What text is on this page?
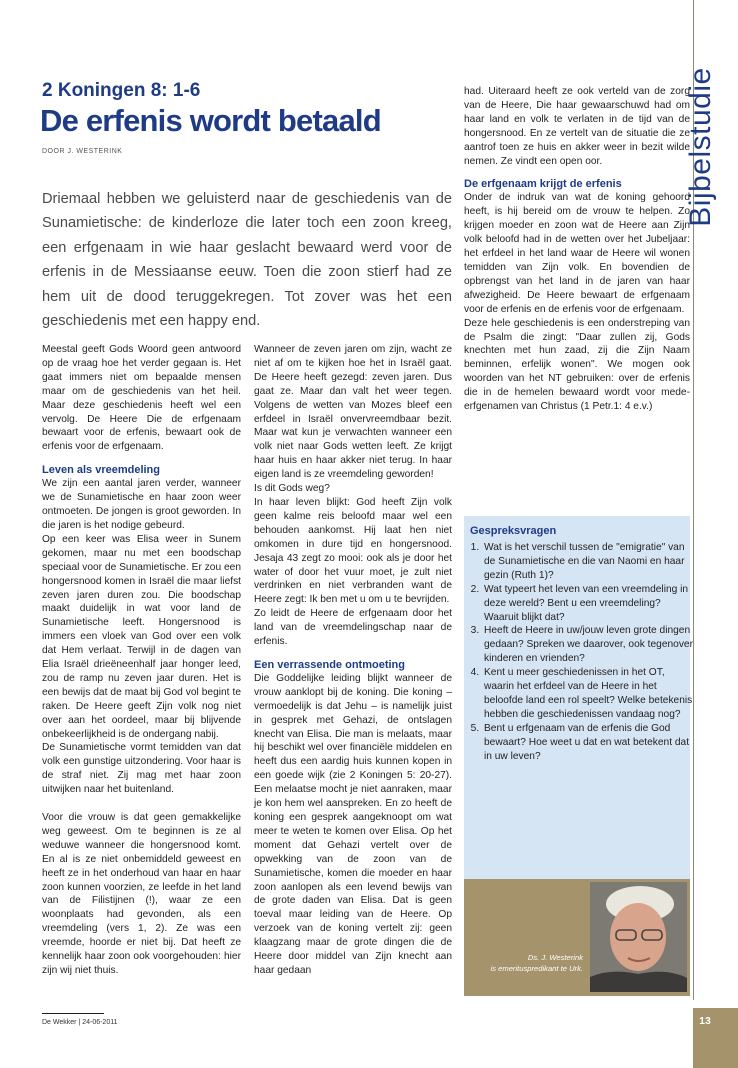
Bijbelstudie
2 Koningen 8: 1-6
De erfenis wordt betaald
DOOR J. WESTERINK
Driemaal hebben we geluisterd naar de geschiedenis van de Sunamietische: de kinderloze die later toch een zoon kreeg, een erfgenaam in wie haar geslacht bewaard werd voor de erfenis in de Messiaanse eeuw. Toen die zoon stierf had ze hem uit de dood teruggekregen. Tot zover was het een geschiedenis met een happy end.

Meestal geeft Gods Woord geen antwoord op de vraag hoe het verder gegaan is. Het gaat immers niet om bepaalde mensen maar om de geschiedenis van het heil. Maar deze geschiedenis heeft wel een vervolg. De Heere Die de erfgenaam bewaart voor de erfenis, bewaart ook de erfenis voor de erfgenaam.

Leven als vreemdeling

We zijn een aantal jaren verder, wanneer we de Sunamietische en haar zoon weer ontmoeten. De jongen is groot geworden. In die jaren is het nodige gebeurd.

Op een keer was Elisa weer in Sunem gekomen, maar nu met een boodschap speciaal voor de Sunamietische. Er zou een hongersnood komen in Israël die maar liefst zeven jaren duren zou. Die boodschap maakt duidelijk in wat voor land de Sunamietische leeft. Hongersnood is immers een vloek van God over een volk dat Hem verlaat. Terwijl in de dagen van Elia Israël drieëneenhalf jaar honger leed, zou de ramp nu zeven jaar duren. Het is een bewijs dat de maat bij God vol begint te raken. De Heere geeft Zijn volk nog niet over aan het oordeel, maar bij blijvende onbekeerlijkheid is de ondergang nabij.

De Sunamietische vormt temidden van dat volk een gunstige uitzondering. Voor haar is de straf niet. Zij mag met haar zoon uitwijken naar het buitenland.

Voor die vrouw is dat geen gemakkelijke weg geweest. Om te beginnen is ze al weduwe wanneer die hongersnood komt. En al is ze niet onbemiddeld geweest en heeft ze in het onderhoud van haar en haar zoon kunnen voorzien, ze leefde in het land van de Filistijnen (!), waar ze een woonplaats had gevonden, als een vreemdeling (vers 1, 2). Ze was een vreemde, hoorde er niet bij. Dat heeft ze kennelijk haar zoon ook voorgehouden: hier zijn wij niet thuis.

Wanneer de zeven jaren om zijn, wacht ze niet af om te kijken hoe het in Israël gaat. De Heere heeft gezegd: zeven jaren. Dus gaat ze. Maar dan valt het weer tegen. Volgens de wetten van Mozes bleef een erfdeel in Israël onvervreemdbaar bezit. Maar wat kun je verwachten wanneer een volk niet naar Gods wetten leeft. Ze krijgt haar huis en haar akker niet terug. In haar eigen land is ze vreemdeling geworden!

Is dit Gods weg?

In haar leven blijkt: God heeft Zijn volk geen kalme reis beloofd maar wel een behouden aankomst. Hij laat hen niet omkomen in dure tijd en hongersnood. Jesaja 43 zegt zo mooi: ook als je door het water of door het vuur moet, je zult niet verdrinken en niet verbranden want de Heere zegt: Ik ben met u om u te bevrijden.

Zo leidt de Heere de erfgenaam door het land van de vreemdelingschap naar de erfenis.

Een verrassende ontmoeting

Die Goddelijke leiding blijkt wanneer de vrouw aanklopt bij de koning. Die koning – vermoedelijk is dat Jehu – is namelijk juist in gesprek met Gehazi, de ontslagen knecht van Elisa. Die man is melaats, maar hij beschikt wel over financiële middelen en heeft dus een aardig huis kunnen kopen in een goede wijk (zie 2 Koningen 5: 20-27). Een melaatse mocht je niet aanraken, maar je kon hem wel aanspreken. En zo heeft de koning een gesprek aangeknoopt om wat meer te weten te komen over Elisa. Op het moment dat Gehazi vertelt over de opwekking van de zoon van de Sunamietische, komen die moeder en haar zoon aanlopen als een levend bewijs van de grote daden van Elisa. Dat is geen toeval maar leiding van de Heere. Op verzoek van de koning vertelt zij: geen klaagzang maar de grote dingen die de Heere door middel van Zijn knecht aan haar gedaan

had. Uiteraard heeft ze ook verteld van de zorg van de Heere, Die haar gewaarschuwd had om haar land en volk te verlaten in de tijd van de hongersnood. En ze vertelt van de situatie die ze aantrof toen ze huis en akker weer in bezit wilde nemen. Ze vindt een open oor.

De erfgenaam krijgt de erfenis

Onder de indruk van wat de koning gehoord heeft, is hij bereid om de vrouw te helpen. Zo krijgen moeder en zoon wat de Heere aan Zijn volk beloofd had in de wetten over het Jubeljaar: het erfdeel in het land waar de Heere wil wonen temidden van Zijn volk. En bovendien de opbrengst van het land in de jaren van haar afwezigheid. De Heere bewaart de erfgenaam voor de erfenis en de erfenis voor de erfgenaam.

Deze hele geschiedenis is een onderstreping van de Psalm die zingt: "Daar zullen zij, Gods knechten met hun zaad, zij die Zijn Naam beminnen, erfelijk wonen". We mogen ook woorden van het NT gebruiken: over de erfenis die in de hemelen bewaard wordt voor mede-erfgenamen van Christus (1 Petr.1: 4 e.v.)

Gespreksvragen
1. Wat is het verschil tussen de "emigratie" van de Sunamietische en die van Naomi en haar gezin (Ruth 1)?
2. Wat typeert het leven van een vreemdeling in deze wereld? Bent u een vreemdeling? Waaruit blijkt dat?
3. Heeft de Heere in uw/jouw leven grote dingen gedaan? Spreken we daarover, ook tegenover kinderen en vrienden?
4. Kent u meer geschiedenissen in het OT, waarin het erfdeel van de Heere in het beloofde land een rol speelt? Welke betekenis hebben die geschiedenissen vandaag nog?
5. Bent u erfgenaam van de erfenis die God bewaart? Hoe weet u dat en wat betekent dat in uw leven?
Ds. J. Westerink
is emerituspredikant te Urk.
De Wekker | 24-06-2011	13
